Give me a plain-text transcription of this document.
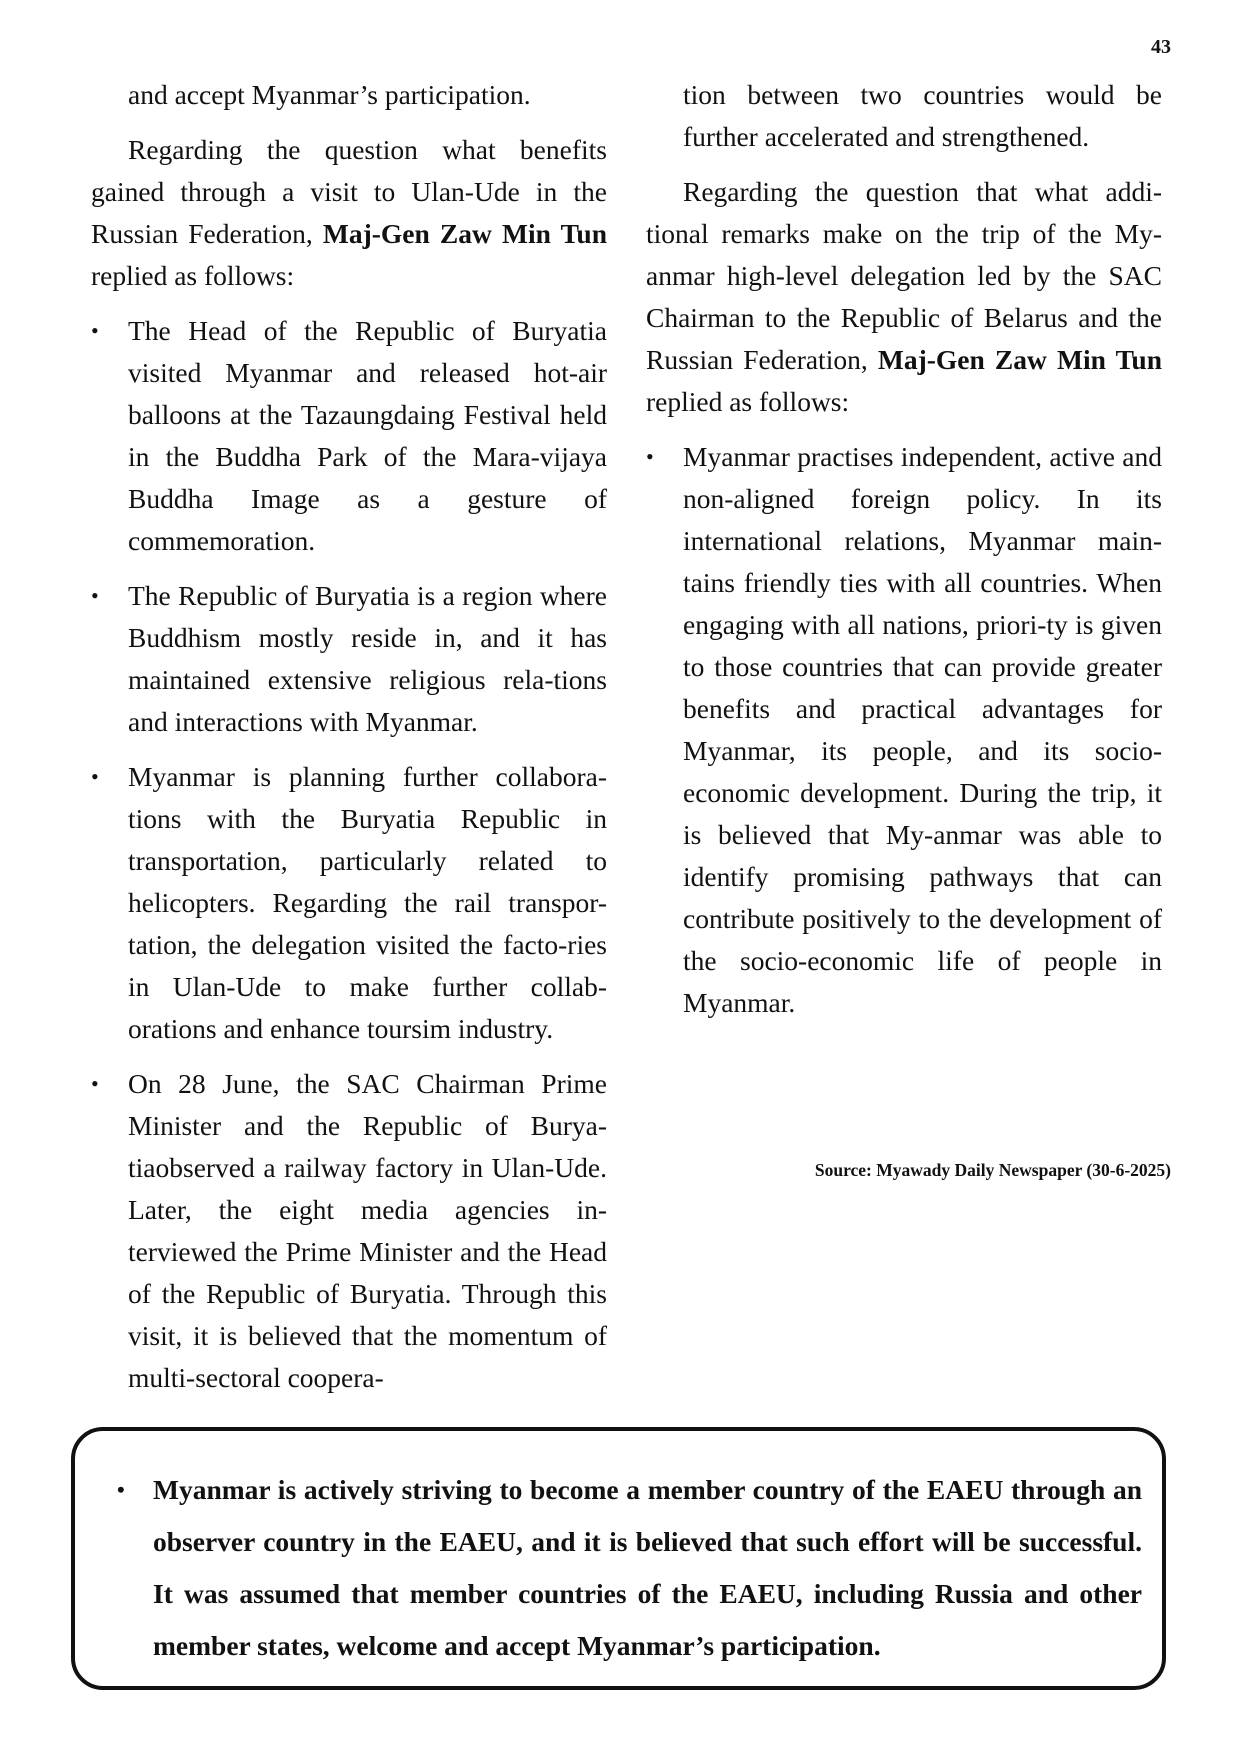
43

and accept Myanmar’s participation.

Regarding the question what benefits gained through a visit to Ulan-Ude in the Russian Federation, Maj-Gen Zaw Min Tun replied as follows:

•	The Head of the Republic of Buryatia visited Myanmar and released hot-air balloons at the Tazaungdaing Festival held in the Buddha Park of the Mara-vijaya Buddha Image as a gesture of commemoration.
•	The Republic of Buryatia is a region where Buddhism mostly reside in, and it has maintained extensive religious rela-tions and interactions with Myanmar.
•	Myanmar is planning further collabora-tions with the Buryatia Republic in transportation, particularly related to helicopters. Regarding the rail transpor-tation, the delegation visited the facto-ries in Ulan-Ude to make further collab-orations and enhance toursim industry.
•	On 28 June, the SAC Chairman Prime Minister and the Republic of Burya-tiaobserved a railway factory in Ulan-Ude. Later, the eight media agencies in-terviewed the Prime Minister and the Head of the Republic of Buryatia. Through this visit, it is believed that the momentum of multi-sectoral coopera-

tion between two countries would be further accelerated and strengthened.

Regarding the question that what addi-tional remarks make on the trip of the My-anmar high-level delegation led by the SAC Chairman to the Republic of Belarus and the Russian Federation, Maj-Gen Zaw Min Tun replied as follows:

•	Myanmar practises independent, active and non-aligned foreign policy. In its international relations, Myanmar main-tains friendly ties with all countries. When engaging with all nations, priori-ty is given to those countries that can provide greater benefits and practical advantages for Myanmar, its people, and its socio-economic development. During the trip, it is believed that My-anmar was able to identify promising pathways that can contribute positively to the development of the socio-economic life of people in Myanmar.
Source: Myawady Daily Newspaper (30-6-2025)
•	Myanmar is actively striving to become a member country of the EAEU through an observer country in the EAEU, and it is believed that such effort will be successful. It was assumed that member countries of the EAEU, including Russia and other member states, welcome and accept Myanmar’s participation.
